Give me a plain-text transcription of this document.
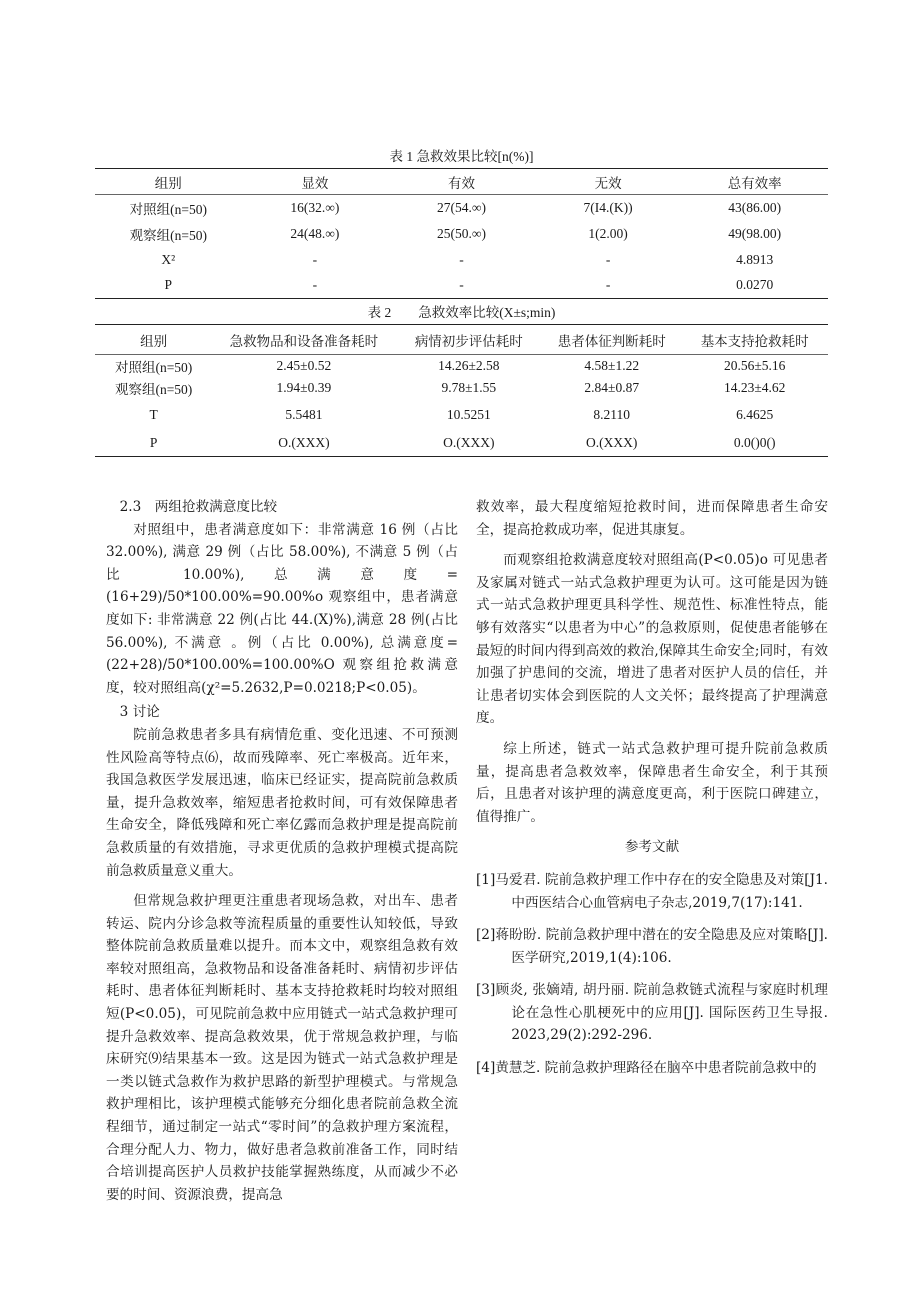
表 1 急救效果比较[n(%)]
组别	显效	有效	无效	总有效率
对照组(n=50)	16(32.∞)	27(54.∞)	7(I4.(K))	43(86.00)
观察组(n=50)	24(48.∞)	25(50.∞)	1(2.00)	49(98.00)
X²	-	-	-	4.8913
P	-	-	-	0.0270
表 2　　急救效率比较(X±s;min)
组别	急救物品和设备准备耗时	病情初步评估耗时	患者体征判断耗时	基本支持抢救耗时
对照组(n=50)	2.45±0.52	14.26±2.58	4.58±1.22	20.56±5.16
观察组(n=50)	1.94±0.39	9.78±1.55	2.84±0.87	14.23±4.62
T	5.5481	10.5251	8.2110	6.4625
P	O.(XXX)	O.(XXX)	O.(XXX)	0.0()0()
2.3　两组抢救满意度比较

对照组中，患者满意度如下：非常满意 16 例（占比 32.00%), 满意 29 例（占比 58.00%), 不满意 5 例（占比 10.00%),总满意度=(16+29)/50*100.00%=90.00%o 观察组中，患者满意度如下: 非常满意 22 例(占比 44.(X)%),满意 28 例(占比 56.00%), 不满意 。例（占比 0.00%), 总满意度=(22+28)/50*100.00%=100.00%O 观察组抢救满意度，较对照组高(χ²=5.2632,P=0.0218;P<0.05)。

3 讨论

院前急救患者多具有病情危重、变化迅速、不可预测性风险高等特点⑹，故而残障率、死亡率极高。近年来，我国急救医学发展迅速，临床已经证实，提高院前急救质量，提升急救效率，缩短患者抢救时间，可有效保障患者生命安全，降低残障和死亡率亿露而急救护理是提高院前急救质量的有效措施，寻求更优质的急救护理模式提高院前急救质量意义重大。

但常规急救护理更注重患者现场急救，对出车、患者转运、院内分诊急救等流程质量的重要性认知较低，导致整体院前急救质量难以提升。而本文中，观察组急救有效率较对照组高，急救物品和设备准备耗时、病情初步评估耗时、患者体征判断耗时、基本支持抢救耗时均较对照组短(P<0.05)，可见院前急救中应用链式一站式急救护理可提升急救效率、提高急救效果，优于常规急救护理，与临床研究⑼结果基本一致。这是因为链式一站式急救护理是一类以链式急救作为救护思路的新型护理模式。与常规急救护理相比，该护理模式能够充分细化患者院前急救全流程细节，通过制定一站式“零时间”的急救护理方案流程，合理分配人力、物力，做好患者急救前准备工作，同时结合培训提高医护人员救护技能掌握熟练度，从而减少不必要的时间、资源浪费，提高急

救效率，最大程度缩短抢救时间，进而保障患者生命安全，提高抢救成功率，促进其康复。

而观察组抢救满意度较对照组高(P<0.05)o 可见患者及家属对链式一站式急救护理更为认可。这可能是因为链式一站式急救护理更具科学性、规范性、标准性特点，能够有效落实“以患者为中心”的急救原则，促使患者能够在最短的时间内得到高效的救治,保障其生命安全;同时，有效加强了护患间的交流，增进了患者对医护人员的信任，并让患者切实体会到医院的人文关怀；最终提高了护理满意度。

综上所述，链式一站式急救护理可提升院前急救质量，提高患者急救效率，保障患者生命安全，利于其预后，且患者对该护理的满意度更高，利于医院口碑建立，值得推广。

参考文献
[1]马爱君. 院前急救护理工作中存在的安全隐患及对策[J1.中西医结合心血管病电子杂志,2019,7(17):141.
[2]蒋盼盼. 院前急救护理中潜在的安全隐患及应对策略[J].医学研究,2019,1(4):106.
[3]顾炎, 张嫡靖, 胡丹丽. 院前急救链式流程与家庭时机理论在急性心肌梗死中的应用[J]. 国际医药卫生导报. 2023,29(2):292-296.
[4]黄慧芝. 院前急救护理路径在脑卒中患者院前急救中的
